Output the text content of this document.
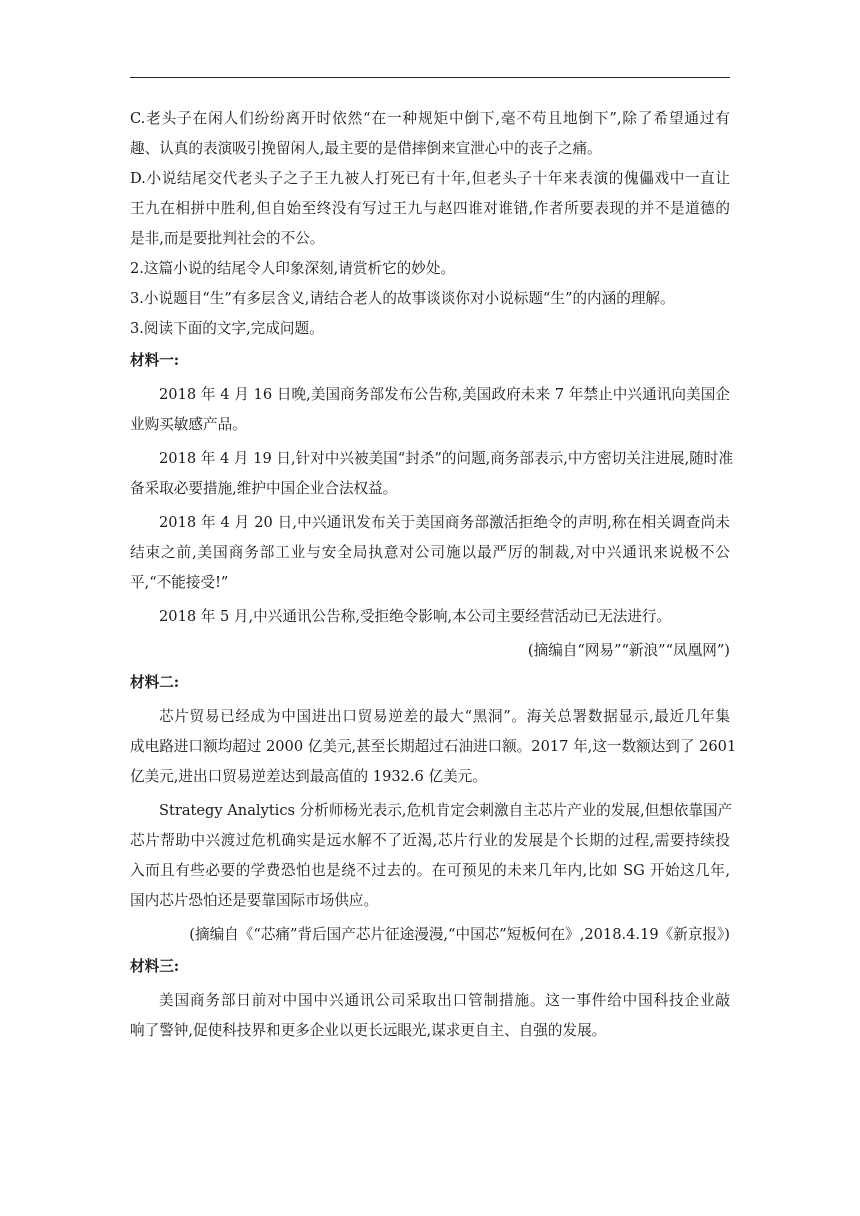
C.老头子在闲人们纷纷离开时依然“在一种规矩中倒下,毫不苟且地倒下”,除了希望通过有
趣、认真的表演吸引挽留闲人,最主要的是借摔倒来宣泄心中的丧子之痛。
D.小说结尾交代老头子之子王九被人打死已有十年,但老头子十年来表演的傀儡戏中一直让
王九在相拼中胜利,但自始至终没有写过王九与赵四谁对谁错,作者所要表现的并不是道德的
是非,而是要批判社会的不公。
2.这篇小说的结尾令人印象深刻,请赏析它的妙处。
3.小说题目“生”有多层含义,请结合老人的故事谈谈你对小说标题“生”的内涵的理解。
3.阅读下面的文字,完成问题。
材料一:
2018 年 4 月 16 日晚,美国商务部发布公告称,美国政府未来 7 年禁止中兴通讯向美国企
业购买敏感产品。
2018 年 4 月 19 日,针对中兴被美国“封杀”的问题,商务部表示,中方密切关注进展,随时准
备采取必要措施,维护中国企业合法权益。
2018 年 4 月 20 日,中兴通讯发布关于美国商务部激活拒绝令的声明,称在相关调查尚未
结束之前,美国商务部工业与安全局执意对公司施以最严厉的制裁,对中兴通讯来说极不公
平,“不能接受!”
2018 年 5 月,中兴通讯公告称,受拒绝令影响,本公司主要经营活动已无法进行。
(摘编自“网易”“新浪”“凤凰网”)
材料二:
芯片贸易已经成为中国进出口贸易逆差的最大“黑洞”。海关总署数据显示,最近几年集
成电路进口额均超过 2000 亿美元,甚至长期超过石油进口额。2017 年,这一数额达到了 2601
亿美元,进出口贸易逆差达到最高值的 1932.6 亿美元。
Strategy Analytics 分析师杨光表示,危机肯定会刺激自主芯片产业的发展,但想依靠国产
芯片帮助中兴渡过危机确实是远水解不了近渴,芯片行业的发展是个长期的过程,需要持续投
入而且有些必要的学费恐怕也是绕不过去的。在可预见的未来几年内,比如 SG 开始这几年,
国内芯片恐怕还是要靠国际市场供应。
(摘编自《“芯痛”背后国产芯片征途漫漫,“中国芯”短板何在》,2018.4.19《新京报》)
材料三:
美国商务部日前对中国中兴通讯公司采取出口管制措施。这一事件给中国科技企业敲
响了警钟,促使科技界和更多企业以更长远眼光,谋求更自主、自强的发展。
